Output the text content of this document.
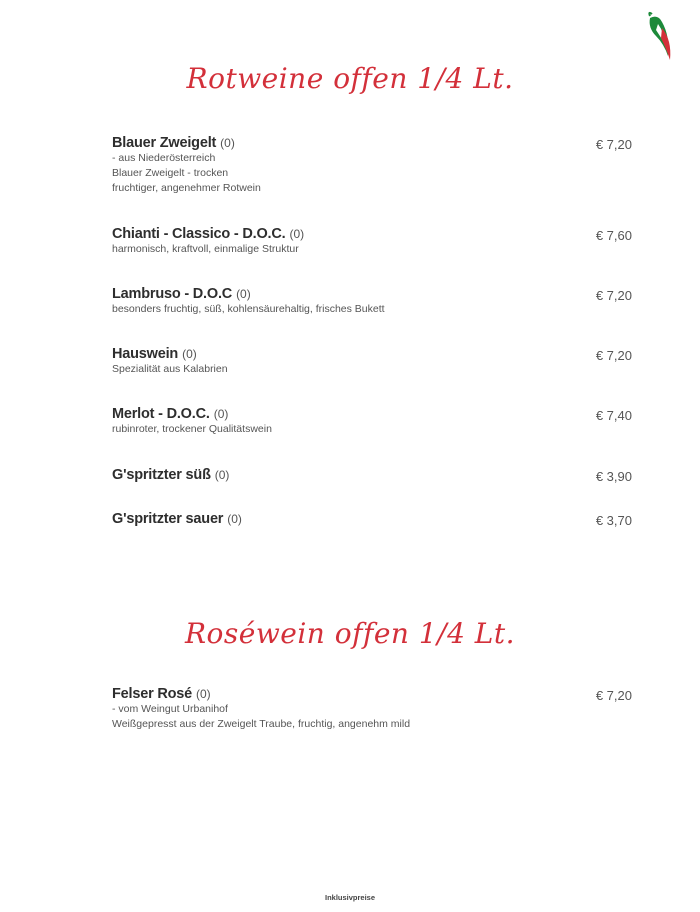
Rotweine offen 1/4 Lt.
Blauer Zweigelt (0)	€ 7,20
- aus Niederösterreich
Blauer Zweigelt - trocken
fruchtiger, angenehmer Rotwein
Chianti - Classico - D.O.C. (0)	€ 7,60
harmonisch, kraftvoll, einmalige Struktur
Lambruso - D.O.C (0)	€ 7,20
besonders fruchtig, süß, kohlensäurehaltig, frisches Bukett
Hauswein (0)	€ 7,20
Spezialität aus Kalabrien
Merlot - D.O.C. (0)	€ 7,40
rubinroter, trockener Qualitätswein
G'spritzter süß (0)	€ 3,90
G'spritzter sauer (0)	€ 3,70
Roséwein offen 1/4 Lt.
Felser Rosé (0)	€ 7,20
- vom Weingut Urbanihof
Weißgepresst aus der Zweigelt Traube, fruchtig, angenehm mild
Inklusivpreise
